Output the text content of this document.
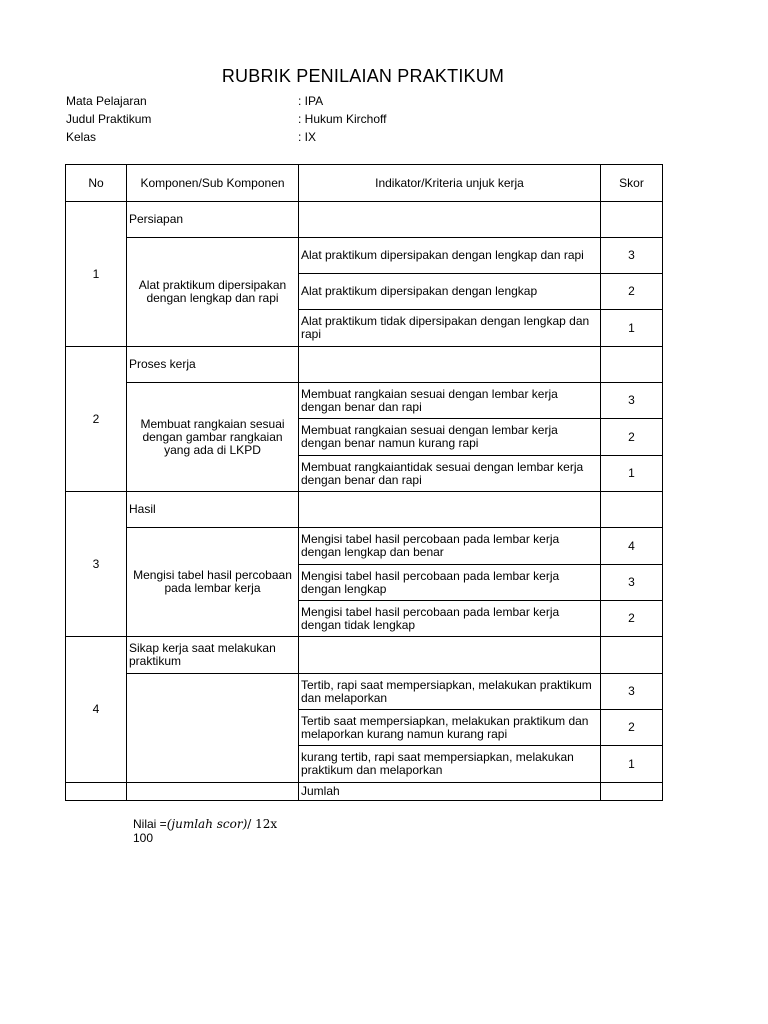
RUBRIK PENILAIAN PRAKTIKUM
Mata Pelajaran	: IPA
Judul Praktikum	: Hukum Kirchoff
Kelas	: IX
No	Komponen/Sub Komponen	Indikator/Kriteria unjuk kerja	Skor
1	Persiapan		
	Alat praktikum dipersipakan dengan lengkap dan rapi	Alat praktikum dipersipakan dengan lengkap dan rapi	3
		Alat praktikum dipersipakan dengan lengkap	2
		Alat praktikum tidak dipersipakan dengan lengkap dan rapi	1
2	Proses kerja		
	Membuat rangkaian sesuai dengan gambar rangkaian yang ada di LKPD	Membuat rangkaian sesuai dengan lembar kerja dengan benar dan rapi	3
		Membuat rangkaian sesuai dengan lembar kerja dengan benar namun kurang rapi	2
		Membuat rangkaiantidak sesuai dengan lembar kerja dengan benar dan rapi	1
3	Hasil		
	Mengisi tabel hasil percobaan pada lembar kerja	Mengisi tabel hasil percobaan pada lembar kerja dengan lengkap dan benar	4
		Mengisi tabel hasil percobaan pada lembar kerja dengan lengkap	3
		Mengisi tabel hasil percobaan pada lembar kerja dengan tidak lengkap	2
4	Sikap kerja saat melakukan praktikum		
		Tertib, rapi saat mempersiapkan, melakukan praktikum dan melaporkan	3
		Tertib saat mempersiapkan, melakukan praktikum dan melaporkan kurang namun kurang rapi	2
		kurang tertib, rapi saat mempersiapkan, melakukan praktikum dan melaporkan	1
		Jumlah	
Nilai =(jumlah scor)/ 12x
100
